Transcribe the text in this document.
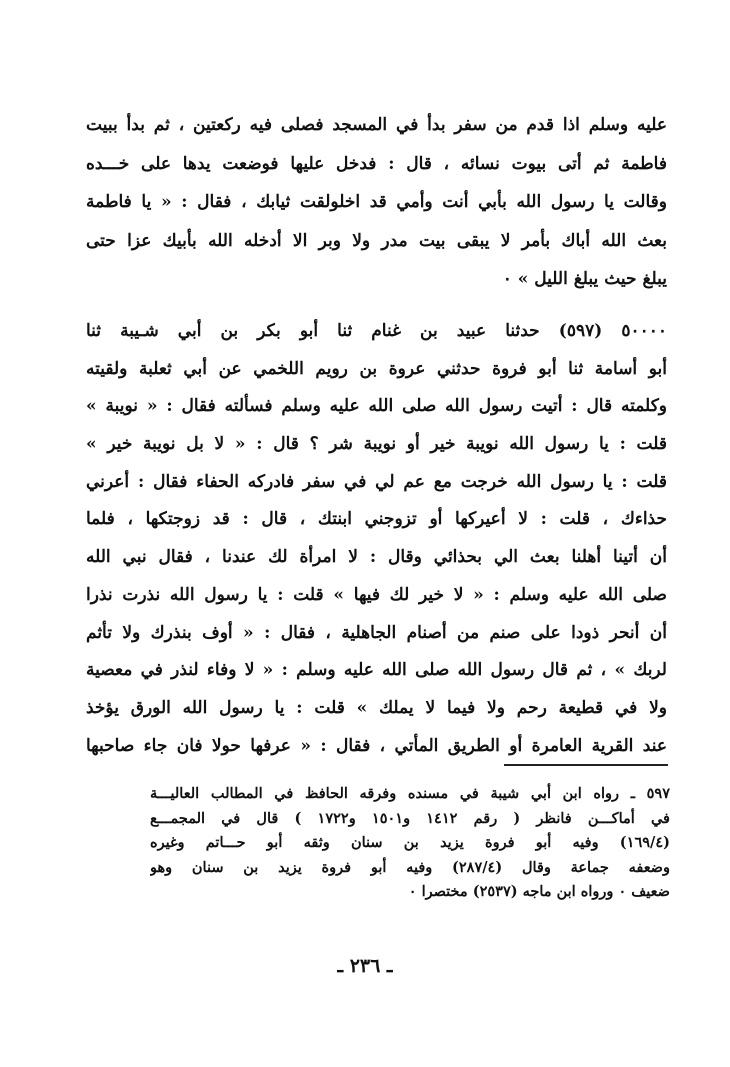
عليه وسلم اذا قدم من سفر بدأ في المسجد فصلى فيه ركعتين ، ثم بدأ ببيت
فاطمة ثم أتى بيوت نسائه ، قال : فدخل عليها فوضعت يدها على خـــده
وقالت يا رسول الله بأبي أنت وأمي قد اخلولقت ثيابك ، فقال : « يا فاطمة
بعث الله أباك بأمر لا يبقى بيت مدر ولا وبر الا أدخله الله بأبيك عزا حتى
يبلغ حيث يبلغ الليل » ٠
٥٠٠٠٠ (٥٩٧) حدثنا عبيد بن غنام ثنا أبو بكر بن أبي شـيبة ثنا
أبو أسامة ثنا أبو فروة حدثني عروة بن رويم اللخمي عن أبي ثعلبة ولقيته
وكلمته قال : أتيت رسول الله صلى الله عليه وسلم فسألته فقال : « نويبة »
قلت : يا رسول الله نويبة خير أو نويبة شر ؟ قال : « لا بل نويبة خير »
قلت : يا رسول الله خرجت مع عم لي في سفر فادركه الحفاء فقال : أعرني
حذاءك ، قلت : لا أعيركها أو تزوجني ابنتك ، قال : قد زوجتكها ، فلما
أن أتينا أهلنا بعث الي بحذائي وقال : لا امرأة لك عندنا ، فقال نبي الله
صلى الله عليه وسلم : « لا خير لك فيها » قلت : يا رسول الله نذرت نذرا
أن أنحر ذودا على صنم من أصنام الجاهلية ، فقال : « أوف بنذرك ولا تأثم
لربك » ، ثم قال رسول الله صلى الله عليه وسلم : « لا وفاء لنذر في معصية
ولا في قطيعة رحم ولا فيما لا يملك » قلت : يا رسول الله الورق يؤخذ
عند القرية العامرة أو الطريق المأتي ، فقال : « عرفها حولا فان جاء صاحبها
٥٩٧ ـ رواه ابن أبي شيبة في مسنده وفرقه الحافظ في المطالب العاليـــة
في أماكـــن فانظر ( رقم ١٤١٢ و١٥٠١ و١٧٢٢ ) قال في المجمـــع
(١٦٩/٤) وفيه أبو فروة يزيد بن سنان وثقه أبو حـــاتم وغيره
وضعفه جماعة وقال (٢٨٧/٤) وفيه أبو فروة يزيد بن سنان وهو
ضعيف ٠ ورواه ابن ماجه (٢٥٣٧) مختصرا ٠
ـ ٢٣٦ ـ
